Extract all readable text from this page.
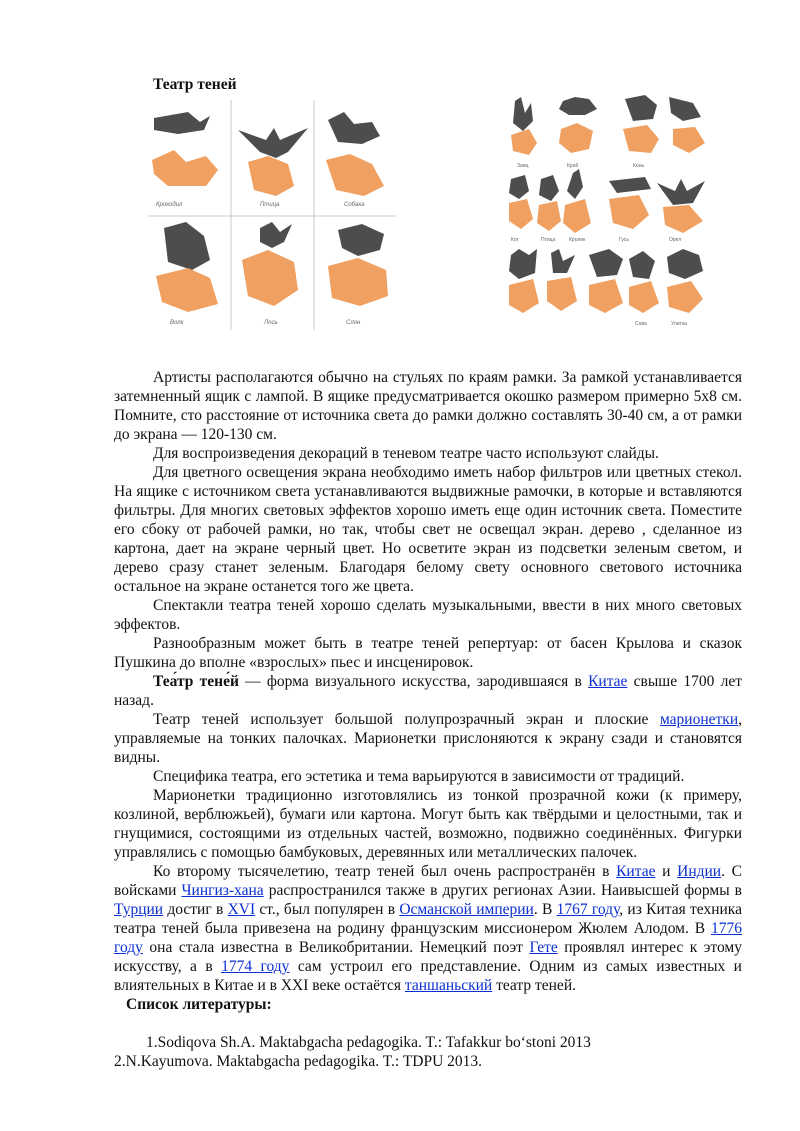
Театр теней
Крокодил	Птица	Собака
Волк	Лось	Слон
Заяц	Краб	Конь
Кот	Птица	Кролик	Гусь	Орел
Сова	Улитка

Артисты располагаются обычно на стульях по краям рамки. За рамкой устанавливается затемненный ящик с лампой. В ящике предусматривается окошко размером примерно 5х8 см. Помните, сто расстояние от источника света до рамки должно составлять 30-40 см, а от рамки до экрана — 120-130 см.

Для воспроизведения декораций в теневом театре часто используют слайды.

Для цветного освещения экрана необходимо иметь набор фильтров или цветных стекол. На ящике с источником света устанавливаются выдвижные рамочки, в которые и вставляются фильтры. Для многих световых эффектов хорошо иметь еще один источник света. Поместите его сбоку от рабочей рамки, но так, чтобы свет не освещал экран. дерево , сделанное из картона, дает на экране черный цвет. Но осветите экран из подсветки зеленым светом, и дерево сразу станет зеленым. Благодаря белому свету основного светового источника остальное на экране останется того же цвета.

Спектакли театра теней хорошо сделать музыкальными, ввести в них много световых эффектов.

Разнообразным может быть в театре теней репертуар: от басен Крылова и сказок Пушкина до вполне «взрослых» пьес и инсценировок.

Теа́тр тене́й — форма визуального искусства, зародившаяся в Китае свыше 1700 лет назад.

Театр теней использует большой полупрозрачный экран и плоские марионетки, управляемые на тонких палочках. Марионетки прислоняются к экрану сзади и становятся видны.

Специфика театра, его эстетика и тема варьируются в зависимости от традиций.

Марионетки традиционно изготовлялись из тонкой прозрачной кожи (к примеру, козлиной, верблюжьей), бумаги или картона. Могут быть как твёрдыми и целостными, так и гнущимися, состоящими из отдельных частей, возможно, подвижно соединённых. Фигурки управлялись с помощью бамбуковых, деревянных или металлических палочек.

Ко второму тысячелетию, театр теней был очень распространён в Китае и Индии. С войсками Чингиз-хана распространился также в других регионах Азии. Наивысшей формы в Турции достиг в XVI ст., был популярен в Османской империи. В 1767 году, из Китая техника театра теней была привезена на родину французским миссионером Жюлем Алодом. В 1776 году она стала известна в Великобритании. Немецкий поэт Гете проявлял интерес к этому искусству, а в 1774 году сам устроил его представление. Одним из самых известных и влиятельных в Китае и в XXI веке остаётся таншаньский театр теней.

Список литературы:

1.Sodiqova Sh.A. Maktabgacha pedagogika. T.: Tafakkur bo‘stoni 2013

2.N.Kayumova. Maktabgacha pedagogika. T.: TDPU 2013.
